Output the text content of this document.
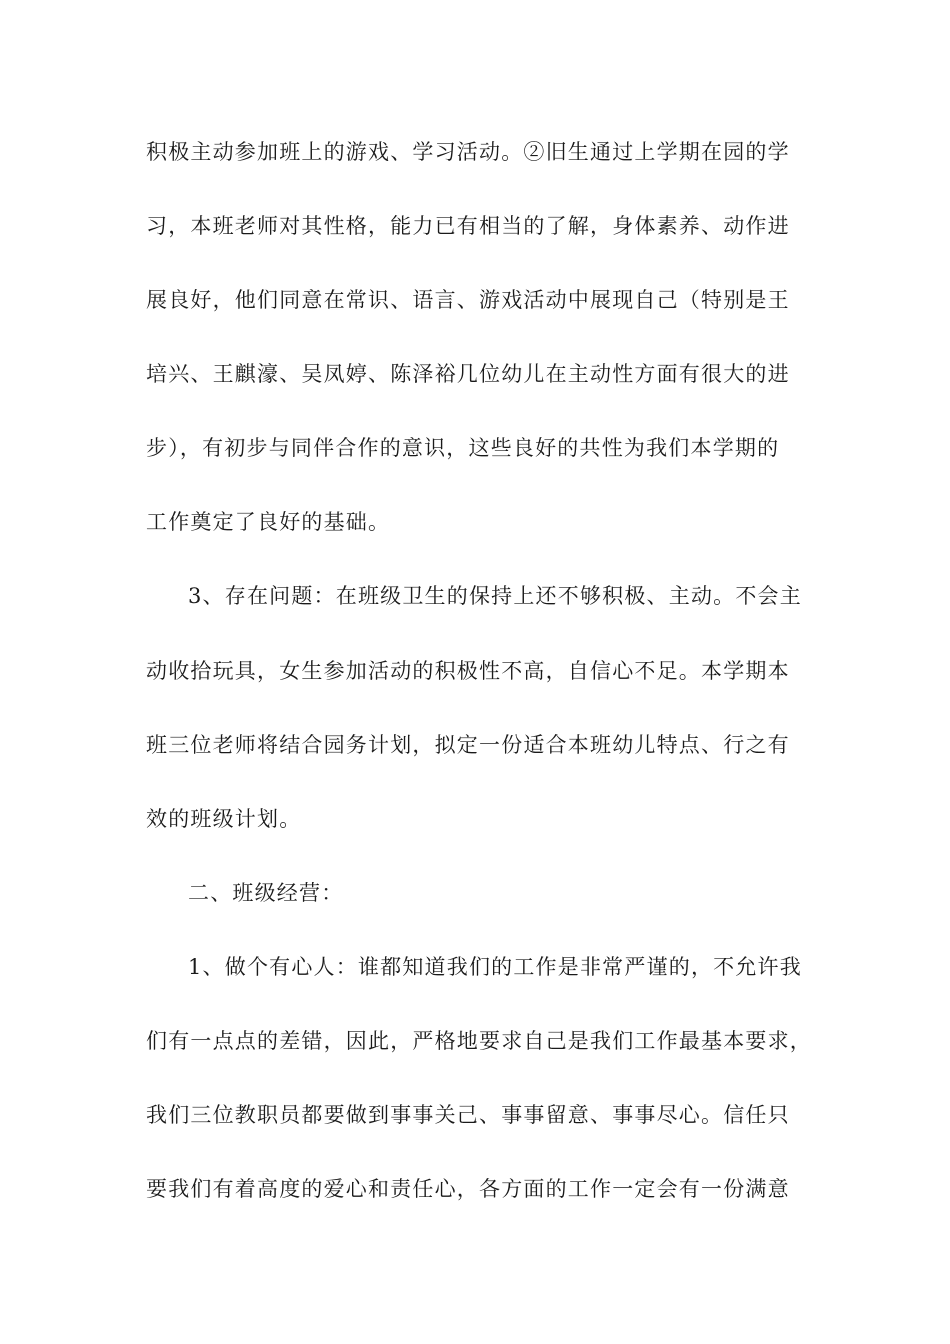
积极主动参加班上的游戏、学习活动。②旧生通过上学期在园的学
习，本班老师对其性格，能力已有相当的了解，身体素养、动作进
展良好，他们同意在常识、语言、游戏活动中展现自己（特别是王
培兴、王麒濠、吴凤婷、陈泽裕几位幼儿在主动性方面有很大的进
步），有初步与同伴合作的意识，这些良好的共性为我们本学期的
工作奠定了良好的基础。
3、存在问题：在班级卫生的保持上还不够积极、主动。不会主
动收拾玩具，女生参加活动的积极性不高，自信心不足。本学期本
班三位老师将结合园务计划，拟定一份适合本班幼儿特点、行之有
效的班级计划。
二、班级经营：
1、做个有心人：谁都知道我们的工作是非常严谨的，不允许我
们有一点点的差错，因此，严格地要求自己是我们工作最基本要求，
我们三位教职员都要做到事事关己、事事留意、事事尽心。信任只
要我们有着高度的爱心和责任心，各方面的工作一定会有一份满意
